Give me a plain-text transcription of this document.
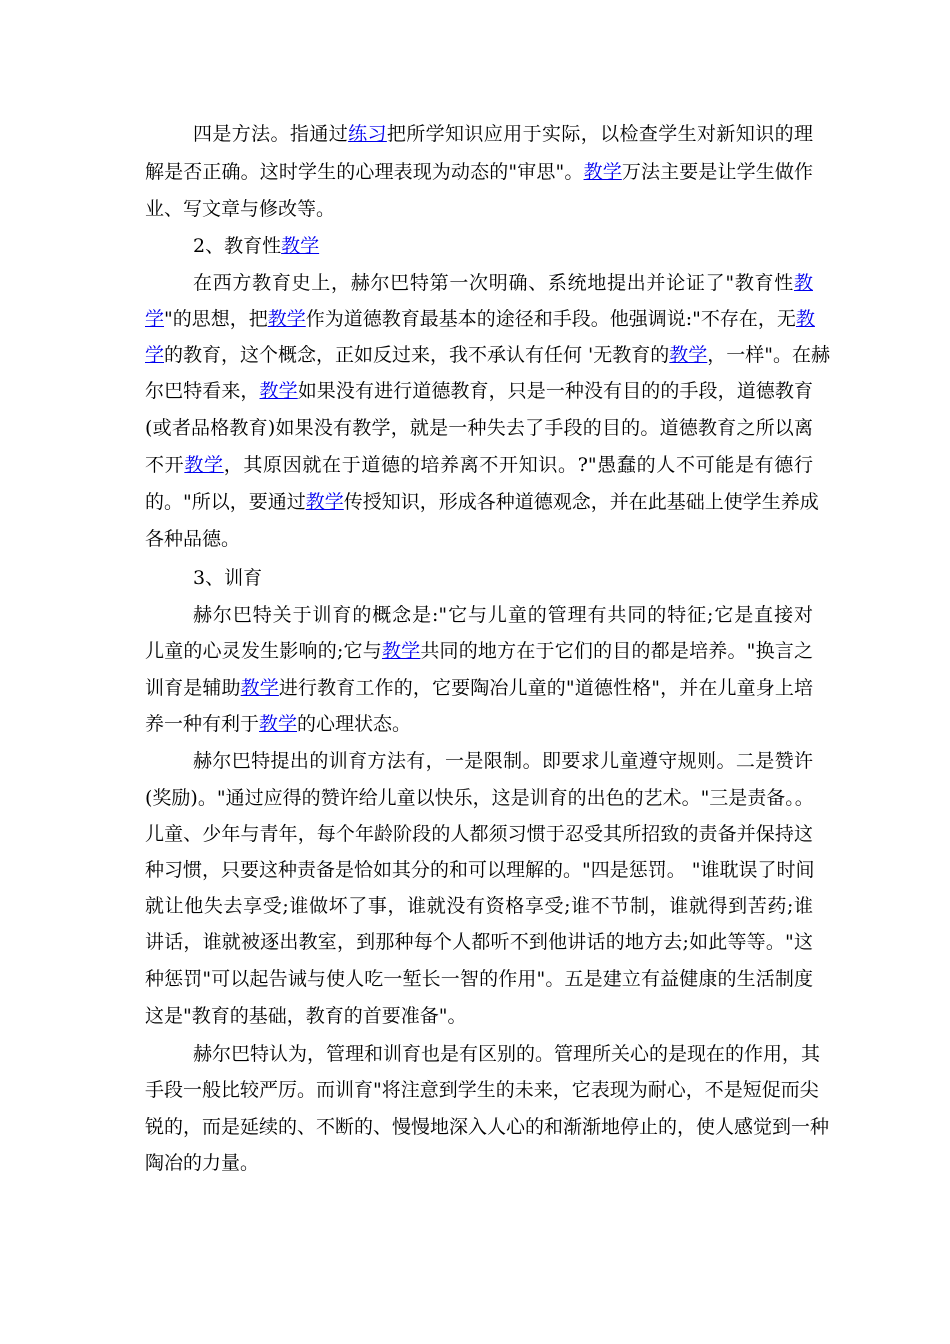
四是方法。指通过练习把所学知识应用于实际，以检查学生对新知识的理
解是否正确。这时学生的心理表现为动态的"审思"。教学万法主要是让学生做作
业、写文章与修改等。
2、教育性教学
在西方教育史上，赫尔巴特第一次明确、系统地提出并论证了"教育性教
学"的思想，把教学作为道德教育最基本的途径和手段。他强调说:"不存在，无教
学的教育，这个概念，正如反过来，我不承认有任何 '无教育的教学，一样"。在赫
尔巴特看来，教学如果没有进行道德教育，只是一种没有目的的手段，道德教育
(或者品格教育)如果没有教学，就是一种失去了手段的目的。道德教育之所以离
不开教学，其原因就在于道德的培养离不开知识。?"愚蠢的人不可能是有德行
的。"所以，要通过教学传授知识，形成各种道德观念，并在此基础上使学生养成
各种品德。
3、训育
赫尔巴特关于训育的概念是:"它与儿童的管理有共同的特征;它是直接对
儿童的心灵发生影响的;它与教学共同的地方在于它们的目的都是培养。"换言之
训育是辅助教学进行教育工作的，它要陶冶儿童的"道德性格"，并在儿童身上培
养一种有利于教学的心理状态。
赫尔巴特提出的训育方法有，一是限制。即要求儿童遵守规则。二是赞许
(奖励)。"通过应得的赞许给儿童以快乐，这是训育的出色的艺术。"三是责备。。
儿童、少年与青年，每个年龄阶段的人都须习惯于忍受其所招致的责备并保持这
种习惯，只要这种责备是恰如其分的和可以理解的。"四是惩罚。 "谁耽误了时间
就让他失去享受;谁做坏了事，谁就没有资格享受;谁不节制，谁就得到苦药;谁
讲话，谁就被逐出教室，到那种每个人都听不到他讲话的地方去;如此等等。"这
种惩罚"可以起告诫与使人吃一堑长一智的作用"。五是建立有益健康的生活制度
这是"教育的基础，教育的首要准备"。
赫尔巴特认为，管理和训育也是有区别的。管理所关心的是现在的作用，其
手段一般比较严厉。而训育"将注意到学生的未来，它表现为耐心，不是短促而尖
锐的，而是延续的、不断的、慢慢地深入人心的和渐渐地停止的，使人感觉到一种
陶冶的力量。
